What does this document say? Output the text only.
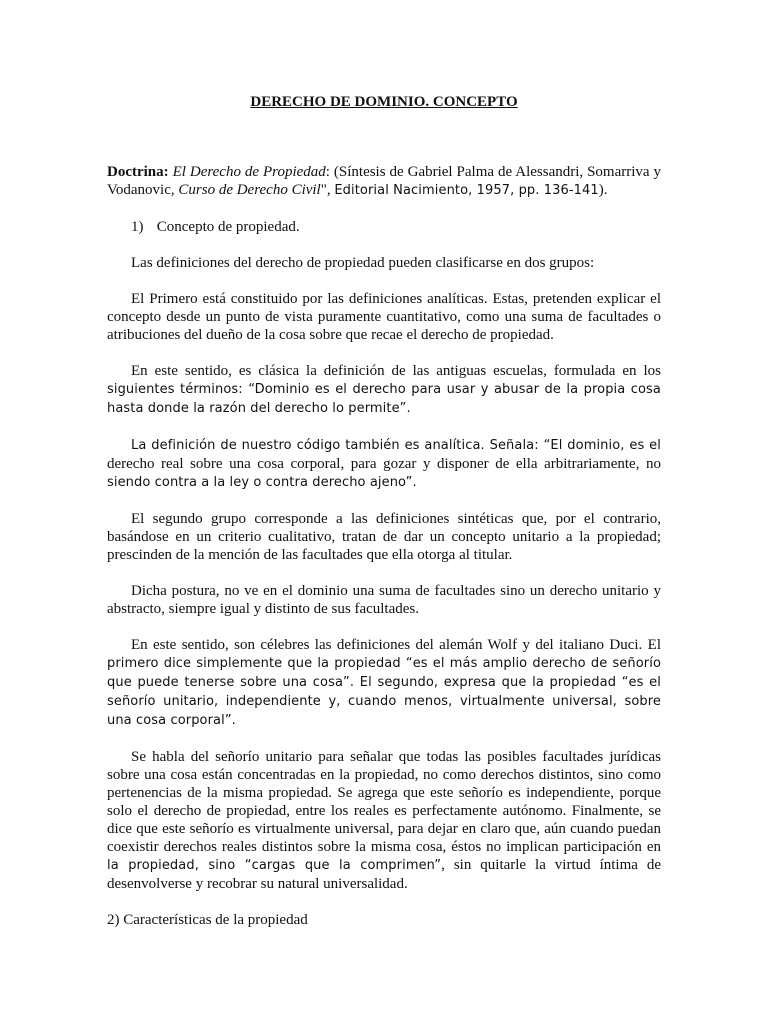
DERECHO DE DOMINIO. CONCEPTO

Doctrina: El Derecho de Propiedad: (Síntesis de Gabriel Palma de Alessandri, Somarriva y Vodanovic, Curso de Derecho Civil", Editorial Nacimiento, 1957, pp. 136-141).

1) Concepto de propiedad.

Las definiciones del derecho de propiedad pueden clasificarse en dos grupos:

El Primero está constituido por las definiciones analíticas. Estas, pretenden explicar el concepto desde un punto de vista puramente cuantitativo, como una suma de facultades o atribuciones del dueño de la cosa sobre que recae el derecho de propiedad.

En este sentido, es clásica la definición de las antiguas escuelas, formulada en los siguientes términos: “Dominio es el derecho para usar y abusar de la propia cosa hasta donde la razón del derecho lo permite”.

La definición de nuestro código también es analítica. Señala: “El dominio, es el derecho real sobre una cosa corporal, para gozar y disponer de ella arbitrariamente, no siendo contra a la ley o contra derecho ajeno”.

El segundo grupo corresponde a las definiciones sintéticas que, por el contrario, basándose en un criterio cualitativo, tratan de dar un concepto unitario a la propiedad; prescinden de la mención de las facultades que ella otorga al titular.

Dicha postura, no ve en el dominio una suma de facultades sino un derecho unitario y abstracto, siempre igual y distinto de sus facultades.

En este sentido, son célebres las definiciones del alemán Wolf y del italiano Duci. El primero dice simplemente que la propiedad “es el más amplio derecho de señorío que puede tenerse sobre una cosa”. El segundo, expresa que la propiedad “es el señorío unitario, independiente y, cuando menos, virtualmente universal, sobre una cosa corporal”.

Se habla del señorío unitario para señalar que todas las posibles facultades jurídicas sobre una cosa están concentradas en la propiedad, no como derechos distintos, sino como pertenencias de la misma propiedad. Se agrega que este señorío es independiente, porque solo el derecho de propiedad, entre los reales es perfectamente autónomo. Finalmente, se dice que este señorío es virtualmente universal, para dejar en claro que, aún cuando puedan coexistir derechos reales distintos sobre la misma cosa, éstos no implican participación en la propiedad, sino “cargas que la comprimen”, sin quitarle la virtud íntima de desenvolverse y recobrar su natural universalidad.

2) Características de la propiedad
